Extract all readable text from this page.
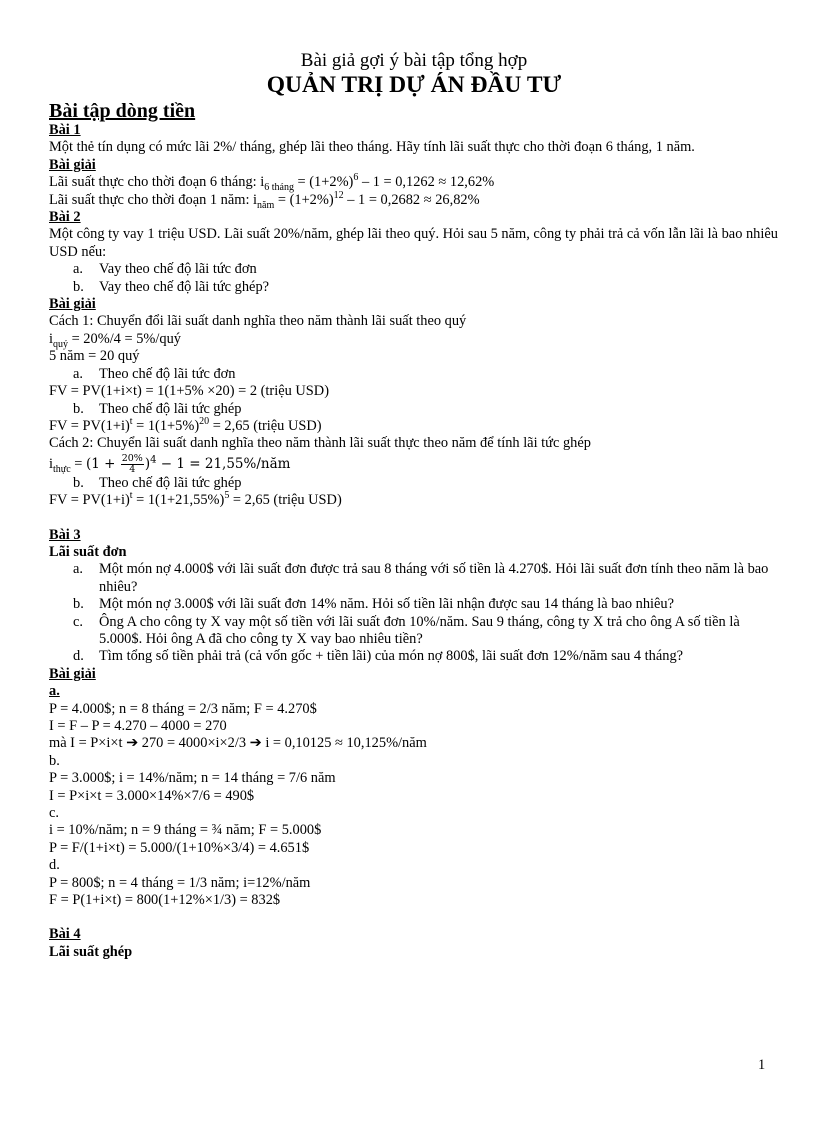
Bài giả gợi ý bài tập tổng hợp
QUẢN TRỊ DỰ ÁN ĐẦU TƯ
Bài tập dòng tiền
Bài 1
Một thẻ tín dụng có mức lãi 2%/ tháng, ghép lãi theo tháng. Hãy tính lãi suất thực cho thời đoạn 6 tháng, 1 năm.
Bài giải
Lãi suất thực cho thời đoạn 6 tháng: $i_{6 tháng} = (1+2\%)^6 - 1 = 0,1262 \approx 12,62\%$
Lãi suất thực cho thời đoạn 1 năm: $i_{năm} = (1+2\%)^{12} - 1 = 0,2682 \approx 26,82\%$
Bài 2
Một công ty vay 1 triệu USD. Lãi suất 20%/năm, ghép lãi theo quý. Hỏi sau 5 năm, công ty phải trả cả vốn lẫn lãi là bao nhiêu USD nếu:
a.	Vay theo chế độ lãi tức đơn
b.	Vay theo chế độ lãi tức ghép?
Bài giải
Cách 1: Chuyển đổi lãi suất danh nghĩa theo năm thành lãi suất theo quý
$i_{quý} = 20\%/4$ = 5%/quý
5 năm = 20 quý
a.	Theo chế độ lãi tức đơn
FV = PV(1+i×t) = 1(1+5% ×20) = 2 (triệu USD)
b.	Theo chế độ lãi tức ghép
FV = $PV(1+i)^t = 1(1+5\%)^{20} = 2,65$ (triệu USD)
Cách 2: Chuyển lãi suất danh nghĩa theo năm thành lãi suất thực theo năm để tính lãi tức ghép
$i_{thực} = (1 + \frac{20\%}{4} )^4 - 1$ = 21,55%/năm
b.	Theo chế độ lãi tức ghép
FV = $PV(1+i)^t = 1(1+21,55\%)^5 = 2,65$ (triệu USD)
Bài 3
Lãi suất đơn
a.	Một món nợ 4.000$ với lãi suất đơn được trả sau 8 tháng với số tiền là 4.270$. Hỏi lãi suất đơn tính theo năm là bao nhiêu?
b.	Một món nợ 3.000$ với lãi suất đơn 14% năm. Hỏi số tiền lãi nhận được sau 14 tháng là bao nhiêu?
c.	Ông A cho công ty X vay một số tiền với lãi suất đơn 10%/năm. Sau 9 tháng, công ty X trả cho ông A số tiền là 5.000$. Hỏi ông A đã cho công ty X vay bao nhiêu tiền?
d.	Tìm tổng số tiền phải trả (cả vốn gốc + tiền lãi) của món nợ 800$, lãi suất đơn 12%/năm sau 4 tháng?
Bài giải
a.
P = 4.000$; n = 8 tháng = 2/3 năm; F = 4.270$
I = F – P = 4.270 – 4000 = 270
mà I = P×i×t ➔ 270 = 4000×i×2/3 ➔ i = 0,10125 ≈ 10,125%/năm
b.
P = 3.000$; i = 14%/năm; n = 14 tháng = 7/6 năm
I = P×i×t = 3.000×14%×7/6 = 490$
c.
i = 10%/năm; n = 9 tháng = ¾ năm; F = 5.000$
P = F/(1+i×t) = 5.000/(1+10%×3/4) = 4.651$
d.
P = 800$; n = 4 tháng = 1/3 năm; i=12%/năm
F = P(1+i×t) = 800(1+12%×1/3) = 832$
Bài 4
Lãi suất ghép
1
